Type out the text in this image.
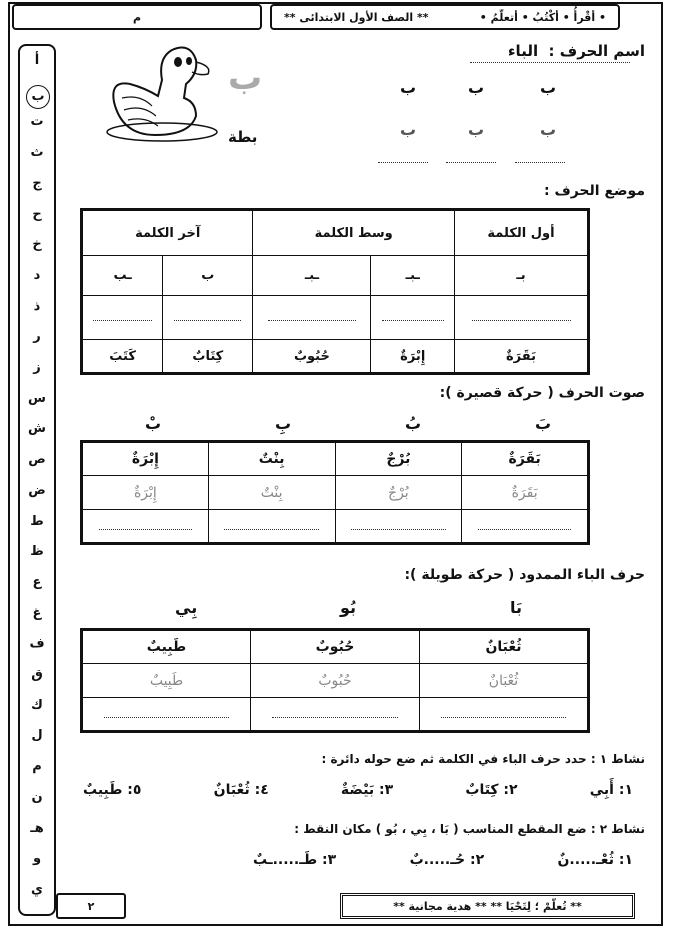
م	• أقْرأُ • أكْتُبُ • أتعلّمُ •
** الصف الأول الابتدائى **
أ
ب
ت
ث
ج
ح
خ
د
ذ
ر
ز
س
ش
ص
ض
ط
ظ
ع
غ
ف
ق
ك
ل
م
ن
هـ
و
ي
اسم الحرف :  الباء
ب
بطة
موضع الحرف :
أول الكلمة	وسط الكلمة		آخر الكلمة	
بـ	ـبـ	ـبـ	ب	ـب

بَقَرَةٌ	إِبْرَةٌ	حُبُوبٌ	كِتَابٌ	كَتَبَ
صوت الحرف ( حركة قصيرة ):
بَقَرَةٌ	بُرْجٌ	بِنْتٌ	إِبْرَةٌ
بَقَرَةٌ	بُرْجٌ	بِنْتٌ	إِبْرَةٌ

حرف الباء الممدود ( حركة طويلة ):
ثُعْبَانٌ	حُبُوبٌ	طَبِيبٌ
ثُعْبَانٌ	حُبُوبٌ	طَبِيبٌ

نشاط ١ : حدد حرف الباء في الكلمة ثم ضع حوله دائرة :
١: أَبِي
٢: كِتَابٌ
٣: بَيْضَةٌ
٤: ثُعْبَانٌ
٥: طَبِيبٌ
نشاط ٢ : ضع المقطع المناسب ( بَا ، بِي ، بُو ) مكان النقط :
١: ثُعْـ.....نٌ
٢: حُـ.....بٌ
٣: طَـ.....ـبٌ
٢	** تُعلّمْ ؛ لِتَحْيَا ** ** هدية مجانية **
ب
ب
ب
ب
ب
ب
بَ
بُ
بِ
بْ
بَا
بُو
بِي
